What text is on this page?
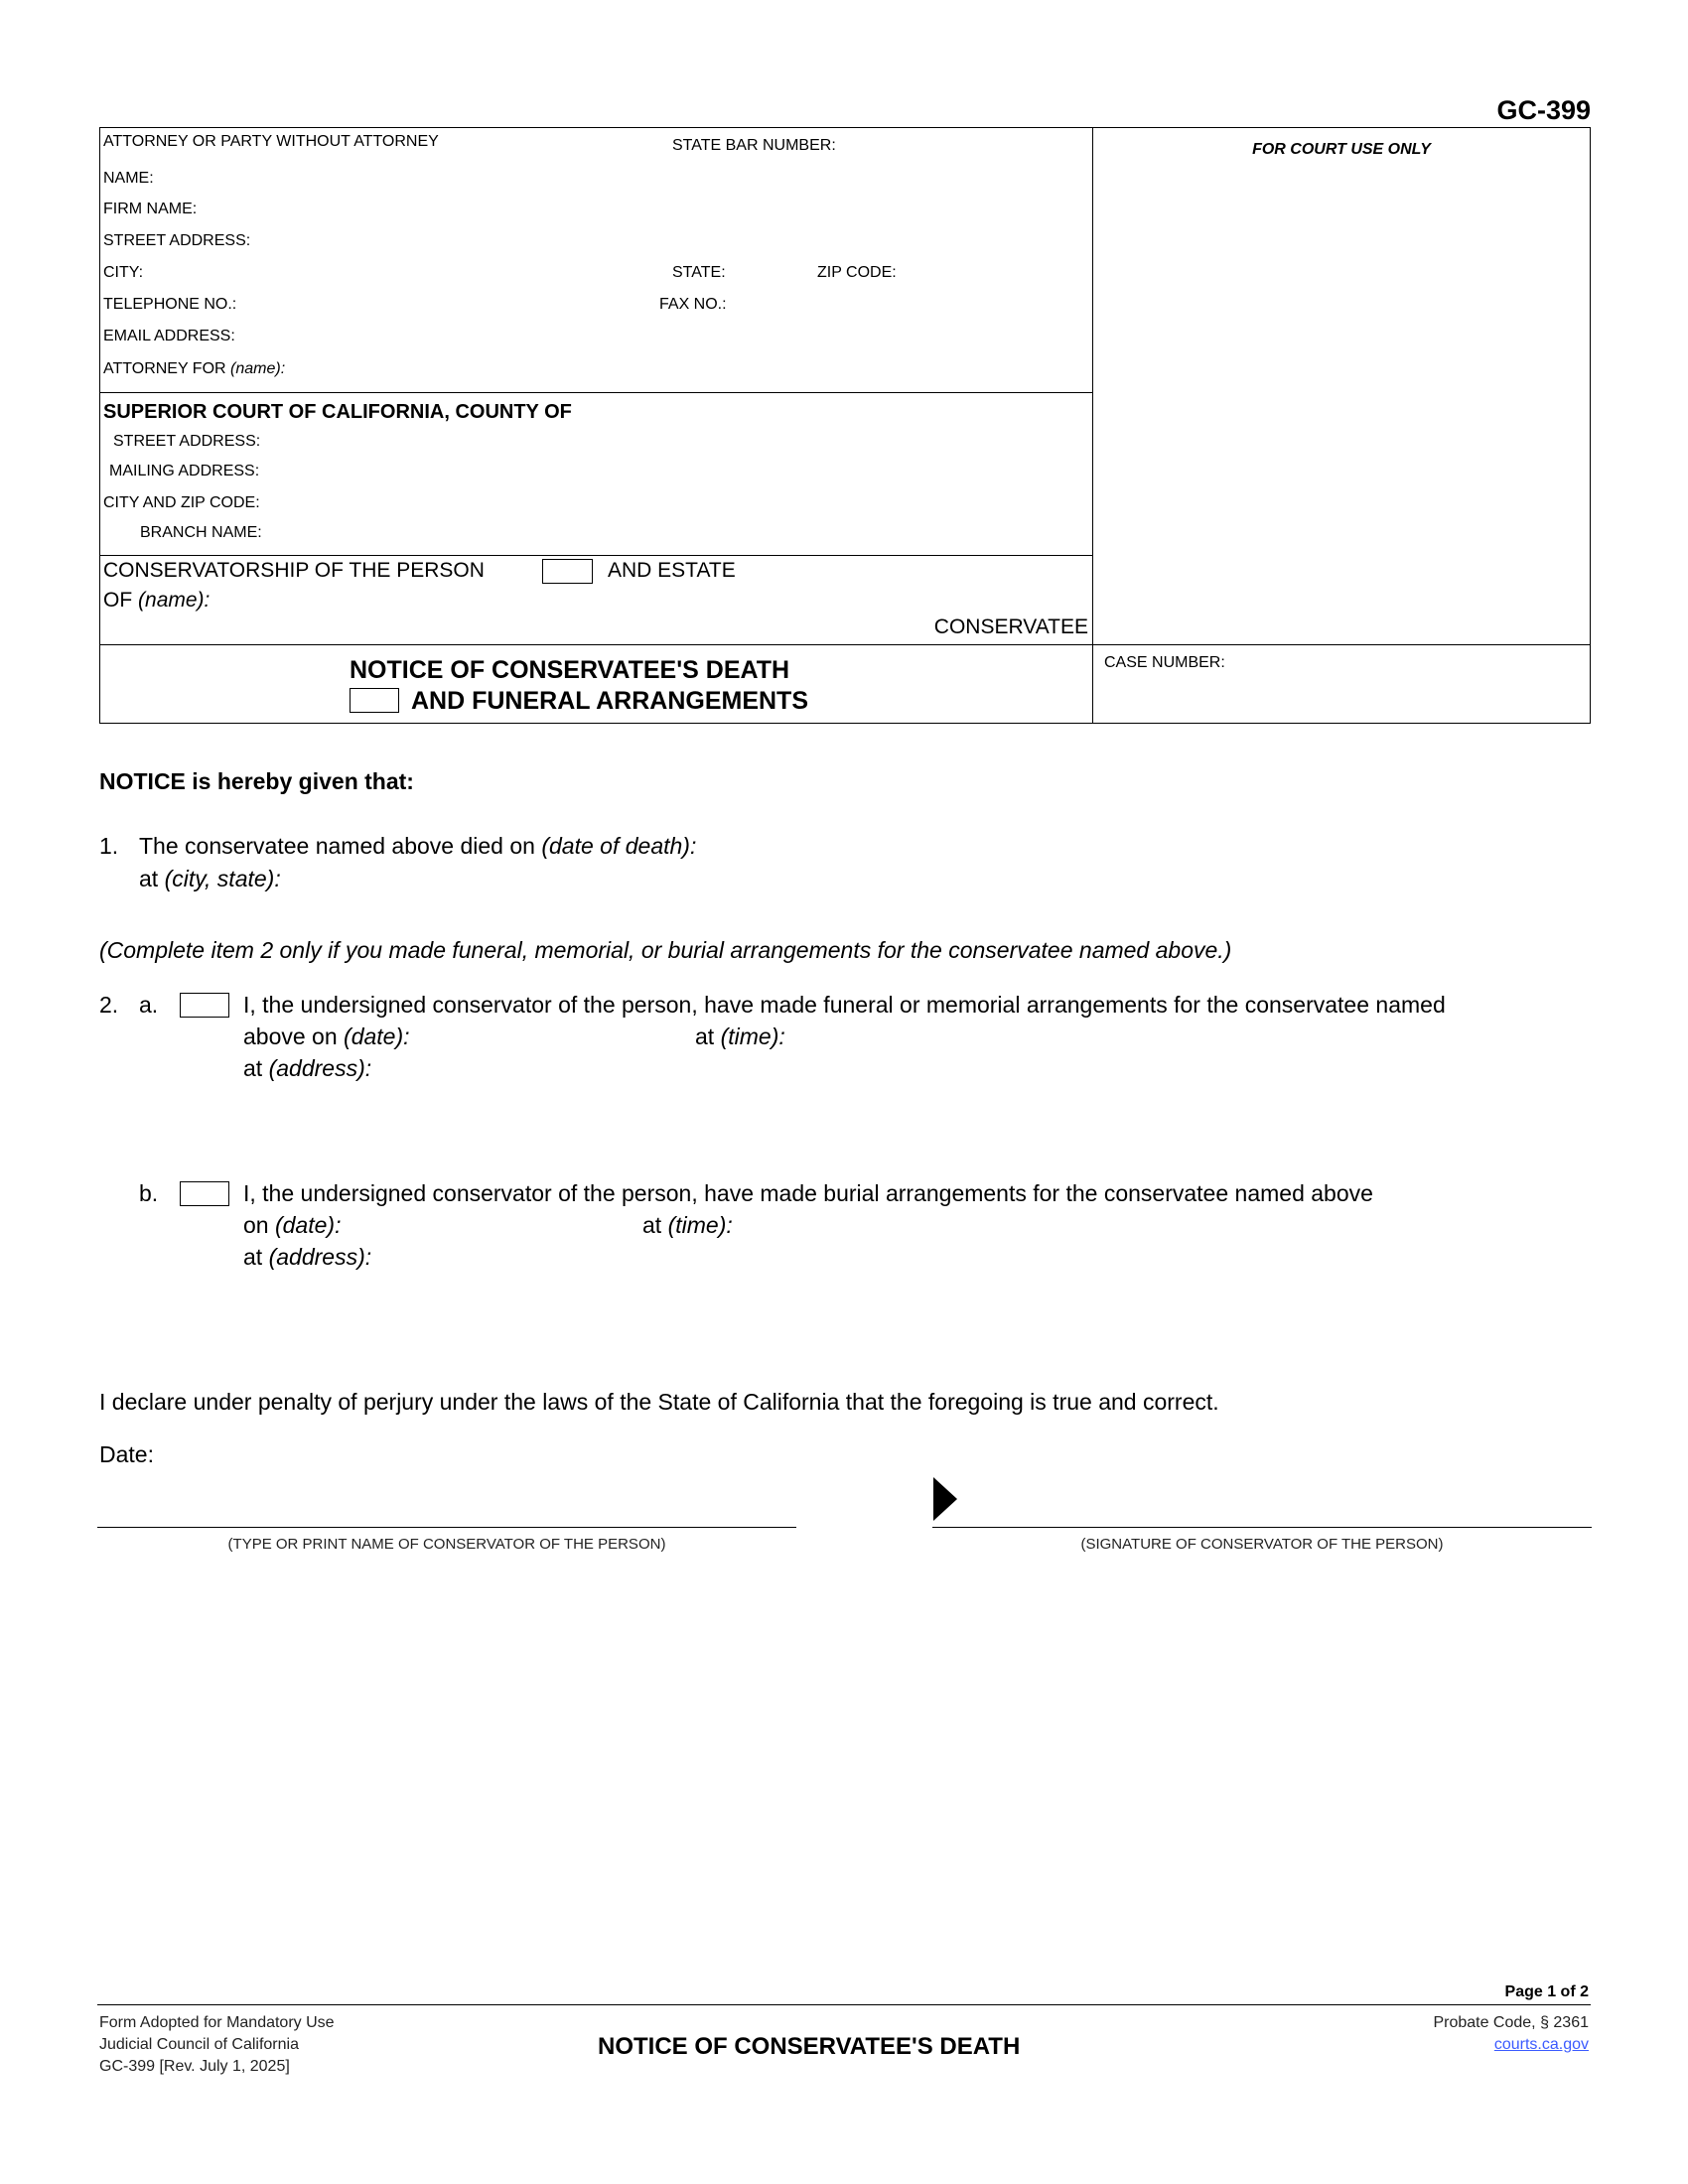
GC-399
ATTORNEY OR PARTY WITHOUT ATTORNEY	STATE BAR NUMBER:
NAME:
FIRM NAME:
STREET ADDRESS:
CITY:	STATE:	ZIP CODE:
TELEPHONE NO.:	FAX NO.:
EMAIL ADDRESS:
ATTORNEY FOR (name):
FOR COURT USE ONLY
SUPERIOR COURT OF CALIFORNIA, COUNTY OF
STREET ADDRESS:
MAILING ADDRESS:
CITY AND ZIP CODE:
BRANCH NAME:
CONSERVATORSHIP OF THE PERSON	AND ESTATE
OF (name):
CONSERVATEE
NOTICE OF CONSERVATEE'S DEATH
AND FUNERAL ARRANGEMENTS
CASE NUMBER:
NOTICE is hereby given that:
1. The conservatee named above died on (date of death):
at (city, state):
(Complete item 2 only if you made funeral, memorial, or burial arrangements for the conservatee named above.)
2. a.	I, the undersigned conservator of the person, have made funeral or memorial arrangements for the conservatee named
above on (date):	at (time):
at (address):
b.	I, the undersigned conservator of the person, have made burial arrangements for the conservatee named above
on (date):	at (time):
at (address):
I declare under penalty of perjury under the laws of the State of California that the foregoing is true and correct.
Date:
(TYPE OR PRINT NAME OF CONSERVATOR OF THE PERSON)	(SIGNATURE OF CONSERVATOR OF THE PERSON)
Page 1 of 2
Form Adopted for Mandatory Use
Judicial Council of California
GC-399 [Rev. July 1, 2025]
NOTICE OF CONSERVATEE'S DEATH
Probate Code, § 2361
courts.ca.gov
